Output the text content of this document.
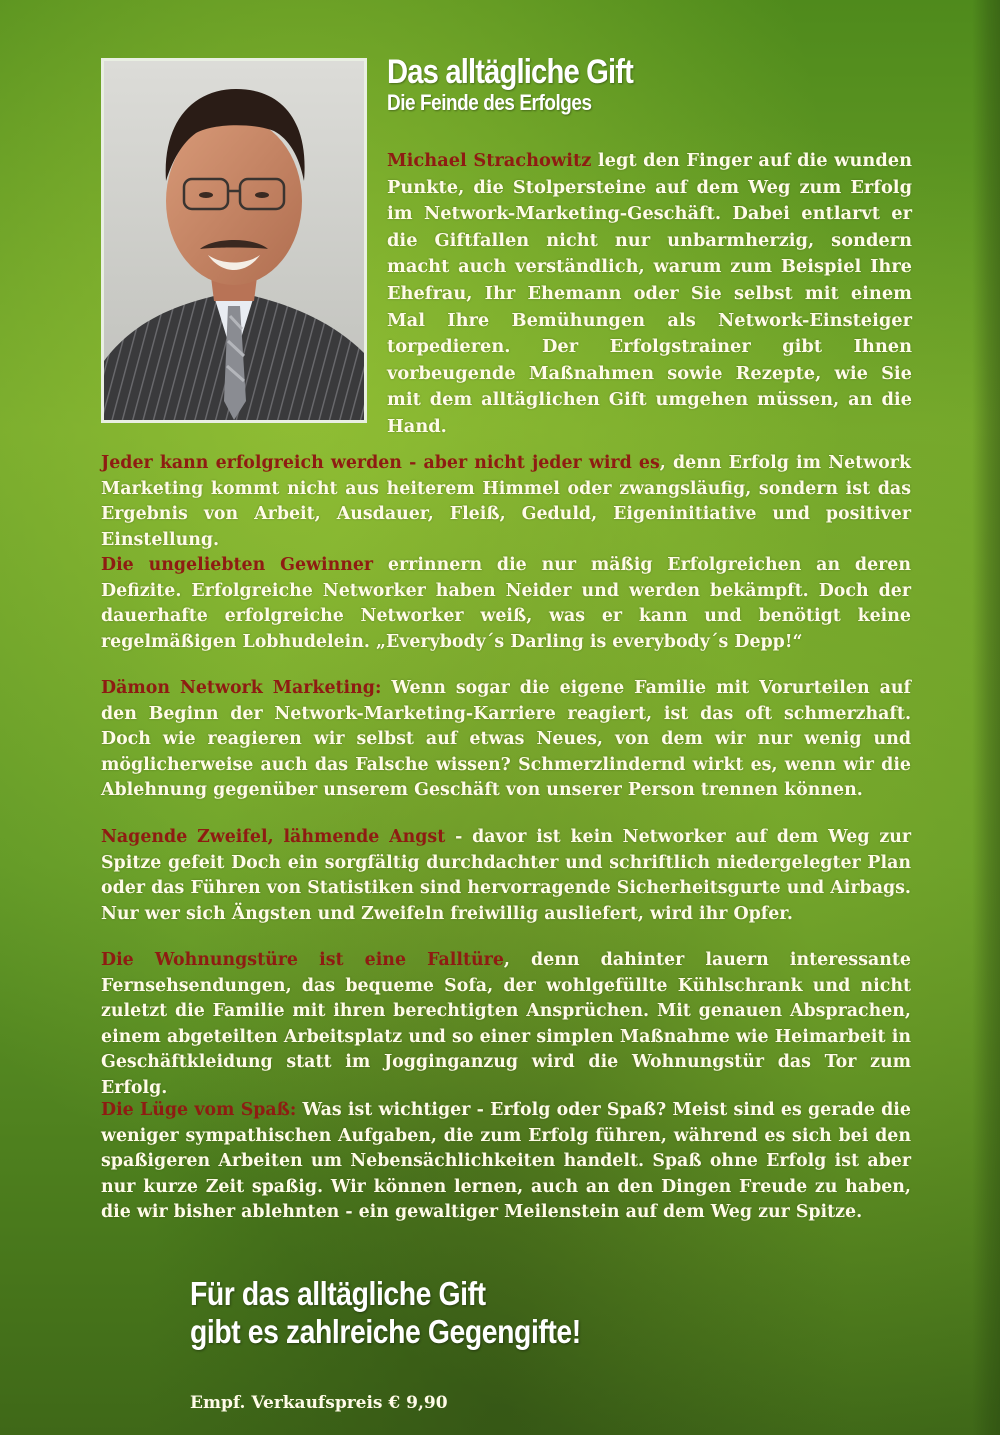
Das alltägliche Gift
Die Feinde des Erfolges
Michael Strachowitz legt den Finger auf die wunden Punkte, die Stolpersteine auf dem Weg zum Erfolg im Network-Marketing-Geschäft. Dabei entlarvt er die Giftfallen nicht nur unbarmherzig, sondern macht auch verständlich, warum zum Beispiel Ihre Ehefrau, Ihr Ehemann oder Sie selbst mit einem Mal Ihre Bemühungen als Network-Einsteiger torpedieren. Der Erfolgstrainer gibt Ihnen vorbeugende Maßnahmen sowie Rezepte, wie Sie mit dem alltäglichen Gift umgehen müssen, an die Hand.
Jeder kann erfolgreich werden - aber nicht jeder wird es, denn Erfolg im Network Marketing kommt nicht aus heiterem Himmel oder zwangsläufig, sondern ist das Ergebnis von Arbeit, Ausdauer, Fleiß, Geduld, Eigeninitiative und positiver Einstellung.
Die ungeliebten Gewinner errinnern die nur mäßig Erfolgreichen an deren Defizite. Erfolgreiche Networker haben Neider und werden bekämpft. Doch der dauerhafte erfolgreiche Networker weiß, was er kann und benötigt keine regelmäßigen Lobhudelein. „Everybody´s Darling is everybody´s Depp!“
Dämon Network Marketing: Wenn sogar die eigene Familie mit Vorurteilen auf den Beginn der Network-Marketing-Karriere reagiert, ist das oft schmerzhaft. Doch wie reagieren wir selbst auf etwas Neues, von dem wir nur wenig und möglicherweise auch das Falsche wissen? Schmerzlindernd wirkt es, wenn wir die Ablehnung gegenüber unserem Geschäft von unserer Person trennen können.
Nagende Zweifel, lähmende Angst - davor ist kein Networker auf dem Weg zur Spitze gefeit Doch ein sorgfältig durchdachter und schriftlich niedergelegter Plan oder das Führen von Statistiken sind hervorragende Sicherheitsgurte und Airbags. Nur wer sich Ängsten und Zweifeln freiwillig ausliefert, wird ihr Opfer.
Die Wohnungstüre ist eine Falltüre, denn dahinter lauern interessante Fernsehsendungen, das bequeme Sofa, der wohlgefüllte Kühlschrank und nicht zuletzt die Familie mit ihren berechtigten Ansprüchen. Mit genauen Absprachen, einem abgeteilten Arbeitsplatz und so einer simplen Maßnahme wie Heimarbeit in Geschäftkleidung statt im Jogginganzug wird die Wohnungstür das Tor zum Erfolg.
Die Lüge vom Spaß: Was ist wichtiger - Erfolg oder Spaß? Meist sind es gerade die weniger sympathischen Aufgaben, die zum Erfolg führen, während es sich bei den spaßigeren Arbeiten um Nebensächlichkeiten handelt. Spaß ohne Erfolg ist aber nur kurze Zeit spaßig. Wir können lernen, auch an den Dingen Freude zu haben, die wir bisher ablehnten - ein gewaltiger Meilenstein auf dem Weg zur Spitze.
Für das alltägliche Gift
gibt es zahlreiche Gegengifte!
Empf. Verkaufspreis € 9,90
